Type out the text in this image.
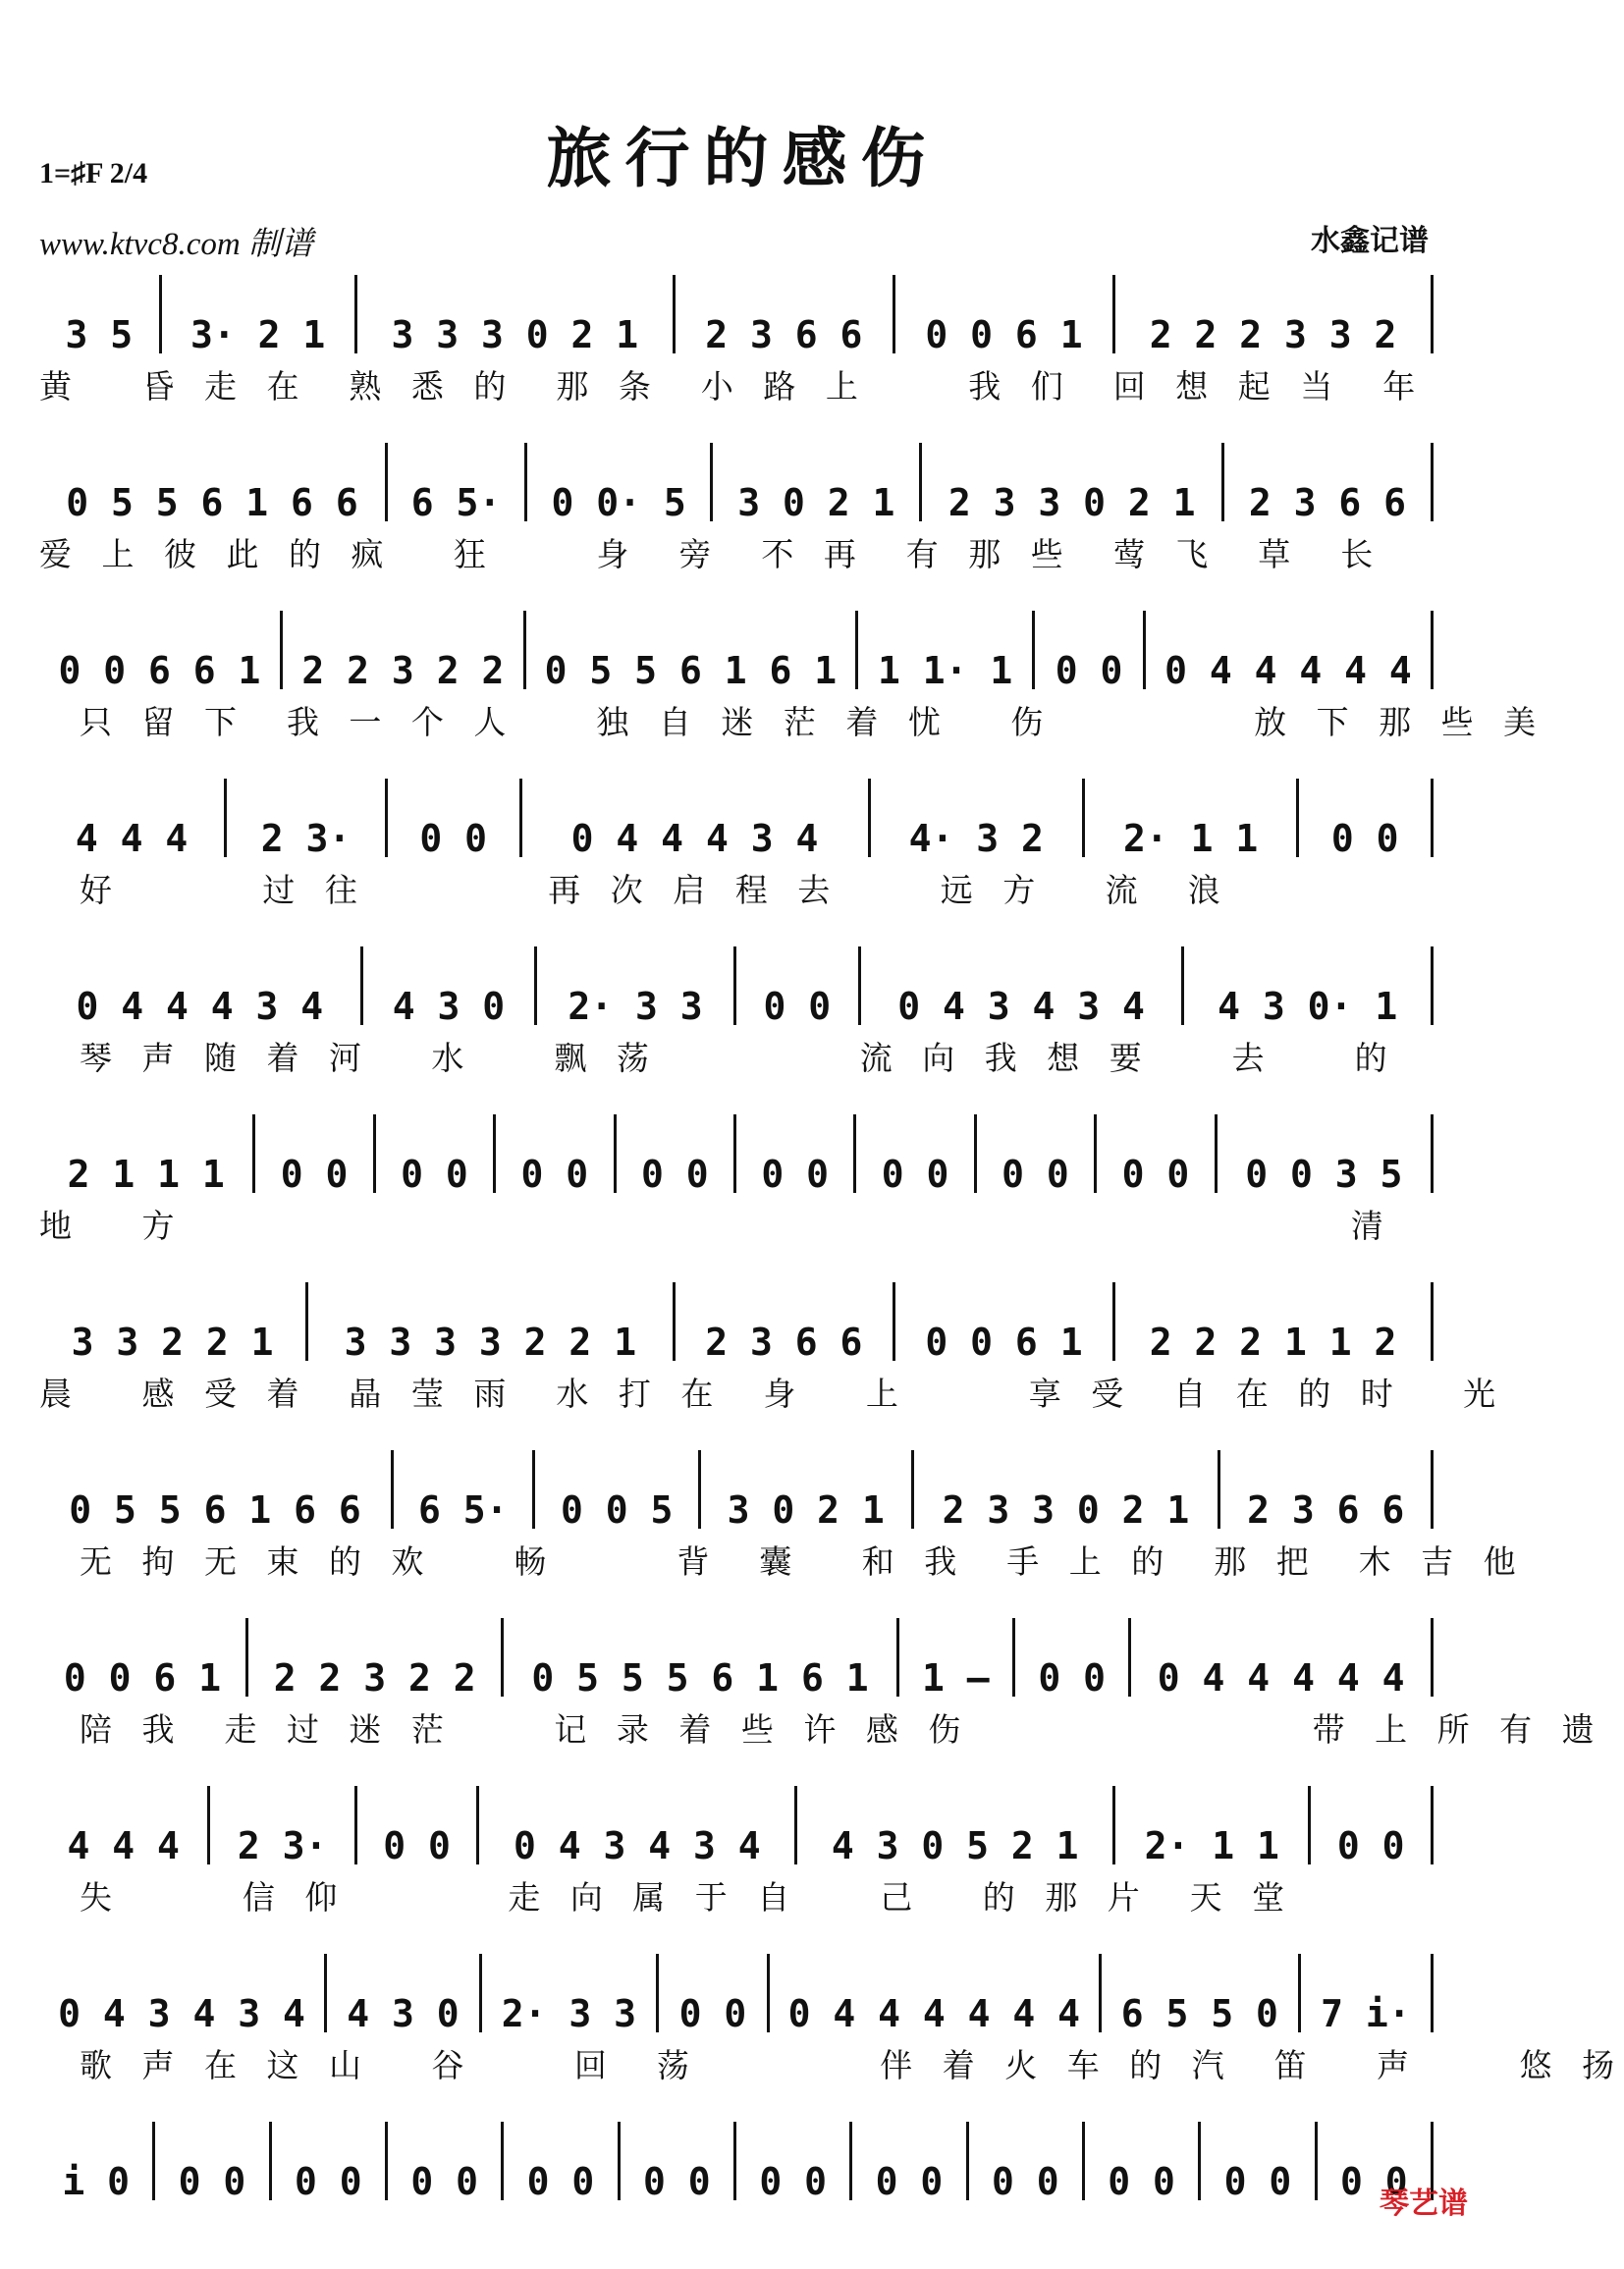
1=♯F 2/4	旅行的感伤
www.ktvc8.com 制谱	水鑫记谱
3 5	3· 2 1	3 3 3 0 2 1	2 3 6 6	0 0 6 1	2 2 2 3 3 2
黄   昏 走 在  熟 悉 的  那 条  小 路 上     我 们  回 想 起 当  年
0 5 5 6 1 6 6	6 5·	0 0· 5	3 0 2 1	2 3 3 0 2 1	2 3 6 6
爱 上 彼 此 的 疯   狂     身  旁  不 再  有 那 些  莺 飞  草  长
0 0 6 6 1	2 2 3 2 2	0 5 5 6 1 6 1	1 1· 1	0 0	0 4 4 4 4 4
只 留 下  我 一 个 人    独 自 迷 茫 着 忧   伤          放 下 那 些 美
4 4 4	2 3·	0 0	0 4 4 4 3 4	4· 3 2	2· 1 1	0 0
好       过 往         再 次 启 程 去     远 方   流  浪
0 4 4 4 3 4	4 3 0	2· 3 3	0 0	0 4 3 4 3 4	4 3 0· 1
琴 声 随 着 河   水    飘 荡          流 向 我 想 要    去    的
2 1 1 1	0 0	0 0	0 0	0 0	0 0	0 0	0 0	0 0	0 0 3 5
地   方                                                          清
3 3 2 2 1	3 3 3 3 2 2 1	2 3 6 6	0 0 6 1	2 2 2 1 1 2
晨   感 受 着  晶 莹 雨  水 打 在  身   上      享 受  自 在 的 时   光
0 5 5 6 1 6 6	6 5·	0 0 5	3 0 2 1	2 3 3 0 2 1	2 3 6 6
无 拘 无 束 的 欢    畅      背  囊   和 我  手 上 的  那 把  木 吉 他
0 0 6 1	2 2 3 2 2	0 5 5 5 6 1 6 1	1 –	0 0	0 4 4 4 4 4
陪 我  走 过 迷 茫     记 录 着 些 许 感 伤                 带 上 所 有 遗
4 4 4	2 3·	0 0	0 4 3 4 3 4	4 3 0 5 2 1	2· 1 1	0 0
失      信 仰        走 向 属 于 自    己   的 那 片  天 堂
0 4 3 4 3 4	4 3 0	2· 3 3	0 0	0 4 4 4 4 4 4	6 5 5 0	7 i·
歌 声 在 这 山   谷     回  荡         伴 着 火 车 的 汽  笛   声     悠 扬
i 0	0 0	0 0	0 0	0 0	0 0	0 0	0 0	0 0	0 0	0 0	0 0
琴艺谱
